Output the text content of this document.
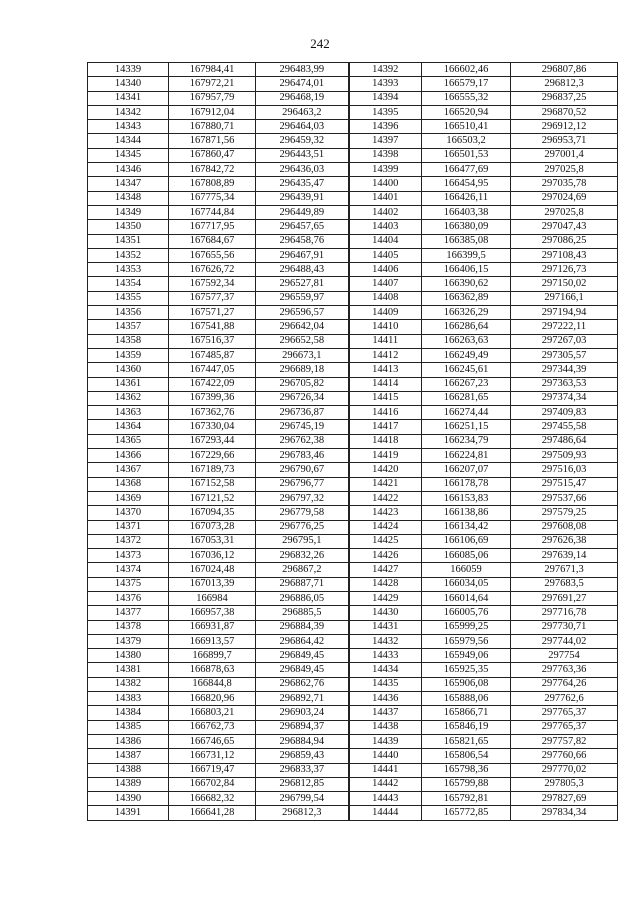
242
14339	167984,41	296483,99	14392	166602,46	296807,86
14340	167972,21	296474,01	14393	166579,17	296812,3
14341	167957,79	296468,19	14394	166555,32	296837,25
14342	167912,04	296463,2	14395	166520,94	296870,52
14343	167880,71	296464,03	14396	166510,41	296912,12
14344	167871,56	296459,32	14397	166503,2	296953,71
14345	167860,47	296443,51	14398	166501,53	297001,4
14346	167842,72	296436,03	14399	166477,69	297025,8
14347	167808,89	296435,47	14400	166454,95	297035,78
14348	167775,34	296439,91	14401	166426,11	297024,69
14349	167744,84	296449,89	14402	166403,38	297025,8
14350	167717,95	296457,65	14403	166380,09	297047,43
14351	167684,67	296458,76	14404	166385,08	297086,25
14352	167655,56	296467,91	14405	166399,5	297108,43
14353	167626,72	296488,43	14406	166406,15	297126,73
14354	167592,34	296527,81	14407	166390,62	297150,02
14355	167577,37	296559,97	14408	166362,89	297166,1
14356	167571,27	296596,57	14409	166326,29	297194,94
14357	167541,88	296642,04	14410	166286,64	297222,11
14358	167516,37	296652,58	14411	166263,63	297267,03
14359	167485,87	296673,1	14412	166249,49	297305,57
14360	167447,05	296689,18	14413	166245,61	297344,39
14361	167422,09	296705,82	14414	166267,23	297363,53
14362	167399,36	296726,34	14415	166281,65	297374,34
14363	167362,76	296736,87	14416	166274,44	297409,83
14364	167330,04	296745,19	14417	166251,15	297455,58
14365	167293,44	296762,38	14418	166234,79	297486,64
14366	167229,66	296783,46	14419	166224,81	297509,93
14367	167189,73	296790,67	14420	166207,07	297516,03
14368	167152,58	296796,77	14421	166178,78	297515,47
14369	167121,52	296797,32	14422	166153,83	297537,66
14370	167094,35	296779,58	14423	166138,86	297579,25
14371	167073,28	296776,25	14424	166134,42	297608,08
14372	167053,31	296795,1	14425	166106,69	297626,38
14373	167036,12	296832,26	14426	166085,06	297639,14
14374	167024,48	296867,2	14427	166059	297671,3
14375	167013,39	296887,71	14428	166034,05	297683,5
14376	166984	296886,05	14429	166014,64	297691,27
14377	166957,38	296885,5	14430	166005,76	297716,78
14378	166931,87	296884,39	14431	165999,25	297730,71
14379	166913,57	296864,42	14432	165979,56	297744,02
14380	166899,7	296849,45	14433	165949,06	297754
14381	166878,63	296849,45	14434	165925,35	297763,36
14382	166844,8	296862,76	14435	165906,08	297764,26
14383	166820,96	296892,71	14436	165888,06	297762,6
14384	166803,21	296903,24	14437	165866,71	297765,37
14385	166762,73	296894,37	14438	165846,19	297765,37
14386	166746,65	296884,94	14439	165821,65	297757,82
14387	166731,12	296859,43	14440	165806,54	297760,66
14388	166719,47	296833,37	14441	165798,36	297770,02
14389	166702,84	296812,85	14442	165799,88	297805,3
14390	166682,32	296799,54	14443	165792,81	297827,69
14391	166641,28	296812,3	14444	165772,85	297834,34
